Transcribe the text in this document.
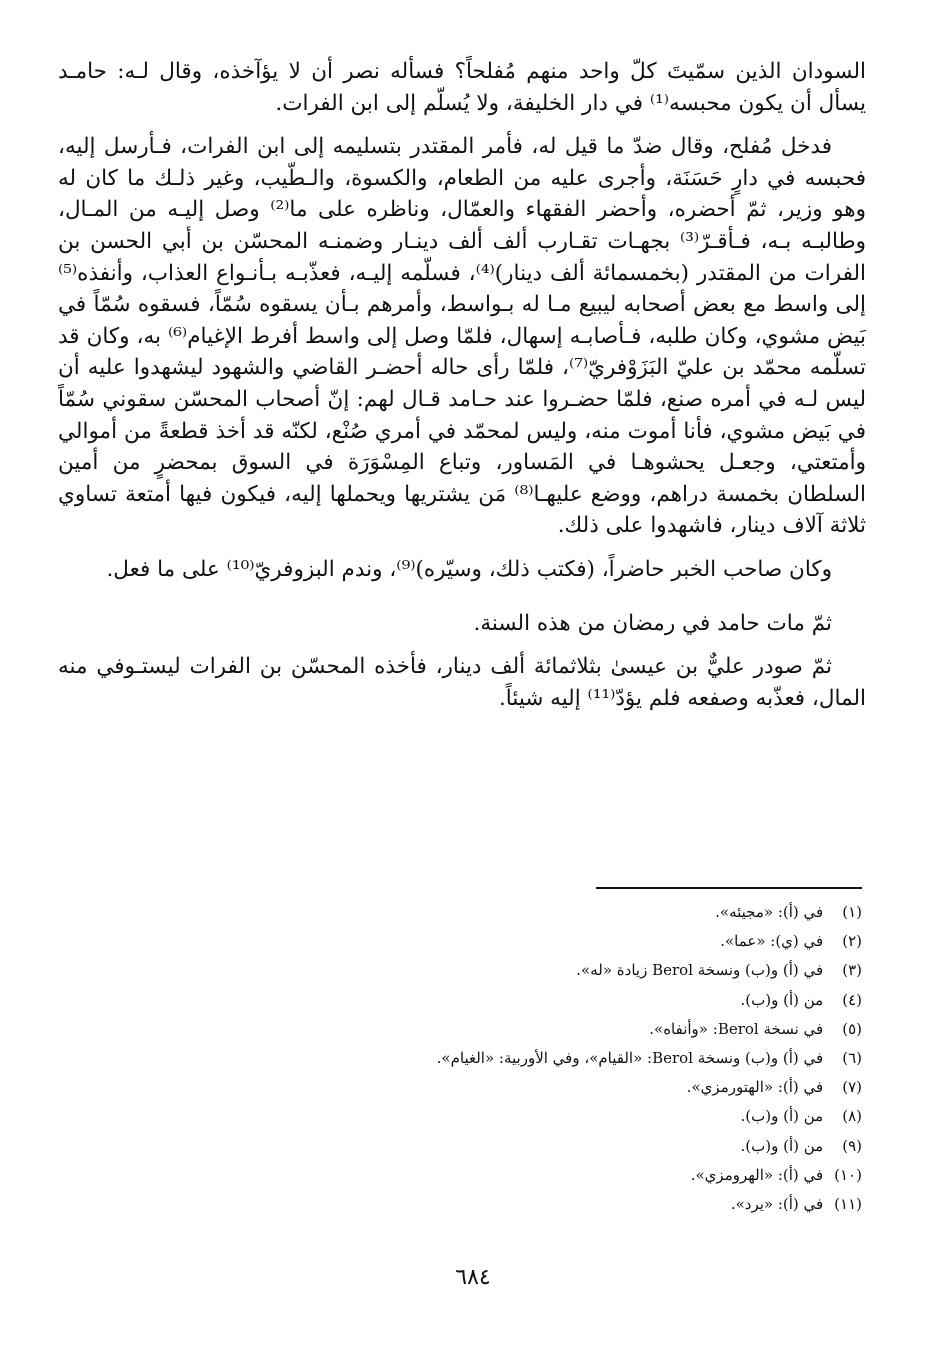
السودان الذين سمّيتَ كلّ واحد منهم مُفلحاً؟ فسأله نصر أن لا يؤآخذه، وقال لـه: حامـد يسأل أن يكون محبسه⁽¹⁾ في دار الخليفة، ولا يُسلّم إلى ابن الفرات.

فدخل مُفلح، وقال ضدّ ما قيل له، فأمر المقتدر بتسليمه إلى ابن الفرات، فـأرسل إليه، فحبسه في دارٍ حَسَنَة، وأجرى عليه من الطعام، والكسوة، والـطّيب، وغير ذلـك ما كان له وهو وزير، ثمّ أحضره، وأحضر الفقهاء والعمّال، وناظره على ما⁽²⁾ وصل إليـه من المـال، وطالبـه بـه، فـأقـرّ⁽³⁾ بجهـات تقـارب ألف ألف دينـار وضمنـه المحسّن بن أبي الحسن بن الفرات من المقتدر (بخمسمائة ألف دينار)⁽⁴⁾، فسلّمه إليـه، فعذّبـه بـأنـواع العذاب، وأنفذه⁽⁵⁾ إلى واسط مع بعض أصحابه ليبيع مـا له بـواسط، وأمرهم بـأن يسقوه سُمّاً، فسقوه سُمّاً في بَيض مشوي، وكان طلبه، فـأصابـه إسهال، فلمّا وصل إلى واسط أفرط الإغيام⁽⁶⁾ به، وكان قد تسلّمه محمّد بن عليّ البَزَوْفريّ⁽⁷⁾، فلمّا رأى حاله أحضـر القاضي والشهود ليشهدوا عليه أن ليس لـه في أمره صنع، فلمّا حضـروا عند حـامد قـال لهم: إنّ أصحاب المحسّن سقوني سُمّاً في بَيض مشوي، فأنا أموت منه، وليس لمحمّد في أمري صُنْع، لكنّه قد أخذ قطعةً من أموالي وأمتعتي، وجعـل يحشوهـا في المَساور، وتباع المِسْوَرَة في السوق بمحضرٍ من أمين السلطان بخمسة دراهم، ووضع عليهـا⁽⁸⁾ مَن يشتريها ويحملها إليه، فيكون فيها أمتعة تساوي ثلاثة آلاف دينار، فاشهدوا على ذلك.

وكان صاحب الخبر حاضراً، (فكتب ذلك، وسيّره)⁽⁹⁾، وندم البزوفريّ⁽¹⁰⁾ على ما فعل.

ثمّ مات حامد في رمضان من هذه السنة.

ثمّ صودر عليٌّ بن عيسىٰ بثلاثمائة ألف دينار، فأخذه المحسّن بن الفرات ليستـوفي منه المال، فعذّبه وصفعه فلم يؤدّ⁽¹¹⁾ إليه شيئاً.

(١) في (أ): «مجيئه».
(٢) في (ي): «عما».
(٣) في (أ) و(ب) ونسخة Berol زيادة «له».
(٤) من (أ) و(ب).
(٥) في نسخة Berol: «وأنفاه».
(٦) في (أ) و(ب) ونسخة Berol: «القيام»، وفي الأوربية: «الغيام».
(٧) في (أ): «الهتورمزي».
(٨) من (أ) و(ب).
(٩) من (أ) و(ب).
(١٠) في (أ): «الهرومزي».
(١١) في (أ): «يرد».
٦٨٤
